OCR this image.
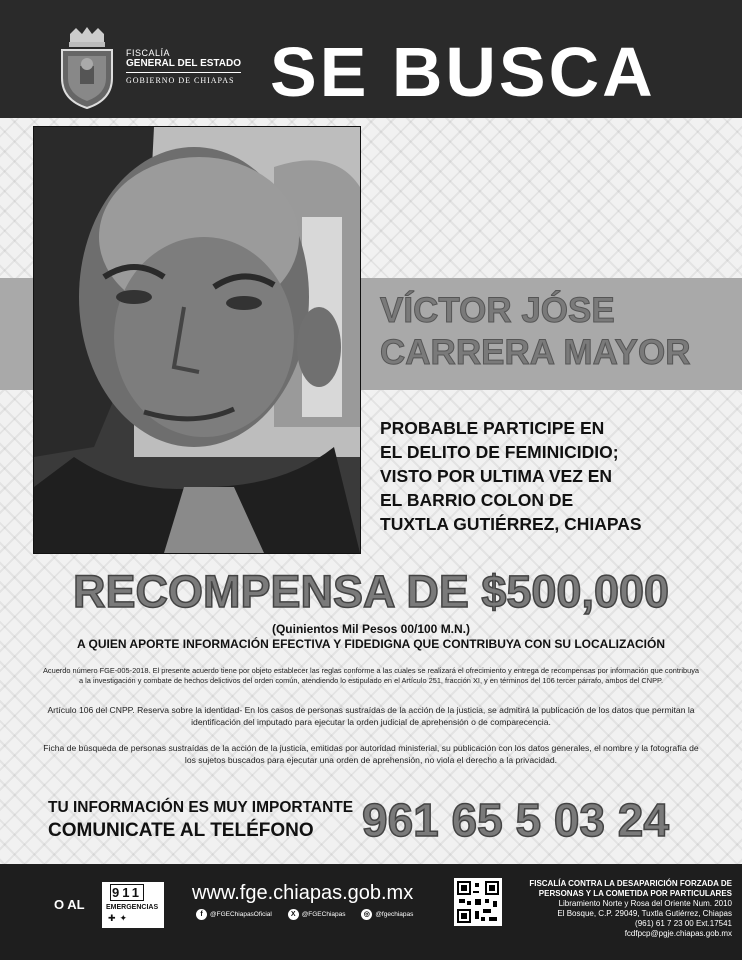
FISCALÍA
GENERAL DEL ESTADO
GOBIERNO DE CHIAPAS SE BUSCA
VÍCTOR JÓSE
CARRERA MAYOR
PROBABLE PARTICIPE EN
EL DELITO DE FEMINICIDIO;
VISTO POR ULTIMA VEZ EN
EL BARRIO COLON DE
TUXTLA GUTIÉRREZ, CHIAPAS
RECOMPENSA DE $500,000
(Quinientos Mil Pesos 00/100 M.N.)
A QUIEN APORTE INFORMACIÓN EFECTIVA Y FIDEDIGNA QUE CONTRIBUYA CON SU LOCALIZACIÓN
Acuerdo número FGE-005-2018. El presente acuerdo tiene por objeto establecer las reglas conforme a las cuales se realizará el ofrecimiento y entrega de recompensas por información que contribuya a la investigación y combate de hechos delictivos del orden común, atendiendo lo estipulado en el Artículo 251, fracción XI, y en términos del 106 tercer párrafo, ambos del CNPP.
Artículo 106 del CNPP. Reserva sobre la identidad- En los casos de personas sustraídas de la acción de la justicia, se admitirá la publicación de los datos que permitan la identificación del imputado para ejecutar la orden judicial de aprehensión o de comparecencia.
Ficha de búsqueda de personas sustraídas de la acción de la justicia, emitidas por autoridad ministerial, su publicación con los datos generales, el nombre y la fotografía de los sujetos buscados para ejecutar una orden de aprehensión, no viola el derecho a la privacidad.
TU INFORMACIÓN ES MUY IMPORTANTE
COMUNICATE AL TELÉFONO	961 65 5 03 24
O AL
911
EMERGENCIAS
✚✦
www.fge.chiapas.gob.mx
f	@FGEChiapasOficial
	X @FGEChiapas
	◎ @fgechiapas
FISCALÍA CONTRA LA DESAPARICIÓN FORZADA DE
PERSONAS Y LA COMETIDA POR PARTICULARES
Libramiento Norte y Rosa del Oriente Num. 2010
El Bosque, C.P. 29049, Tuxtla Gutiérrez, Chiapas
(961) 61 7 23 00 Ext.17541
fcdfpcp@pgje.chiapas.gob.mx
